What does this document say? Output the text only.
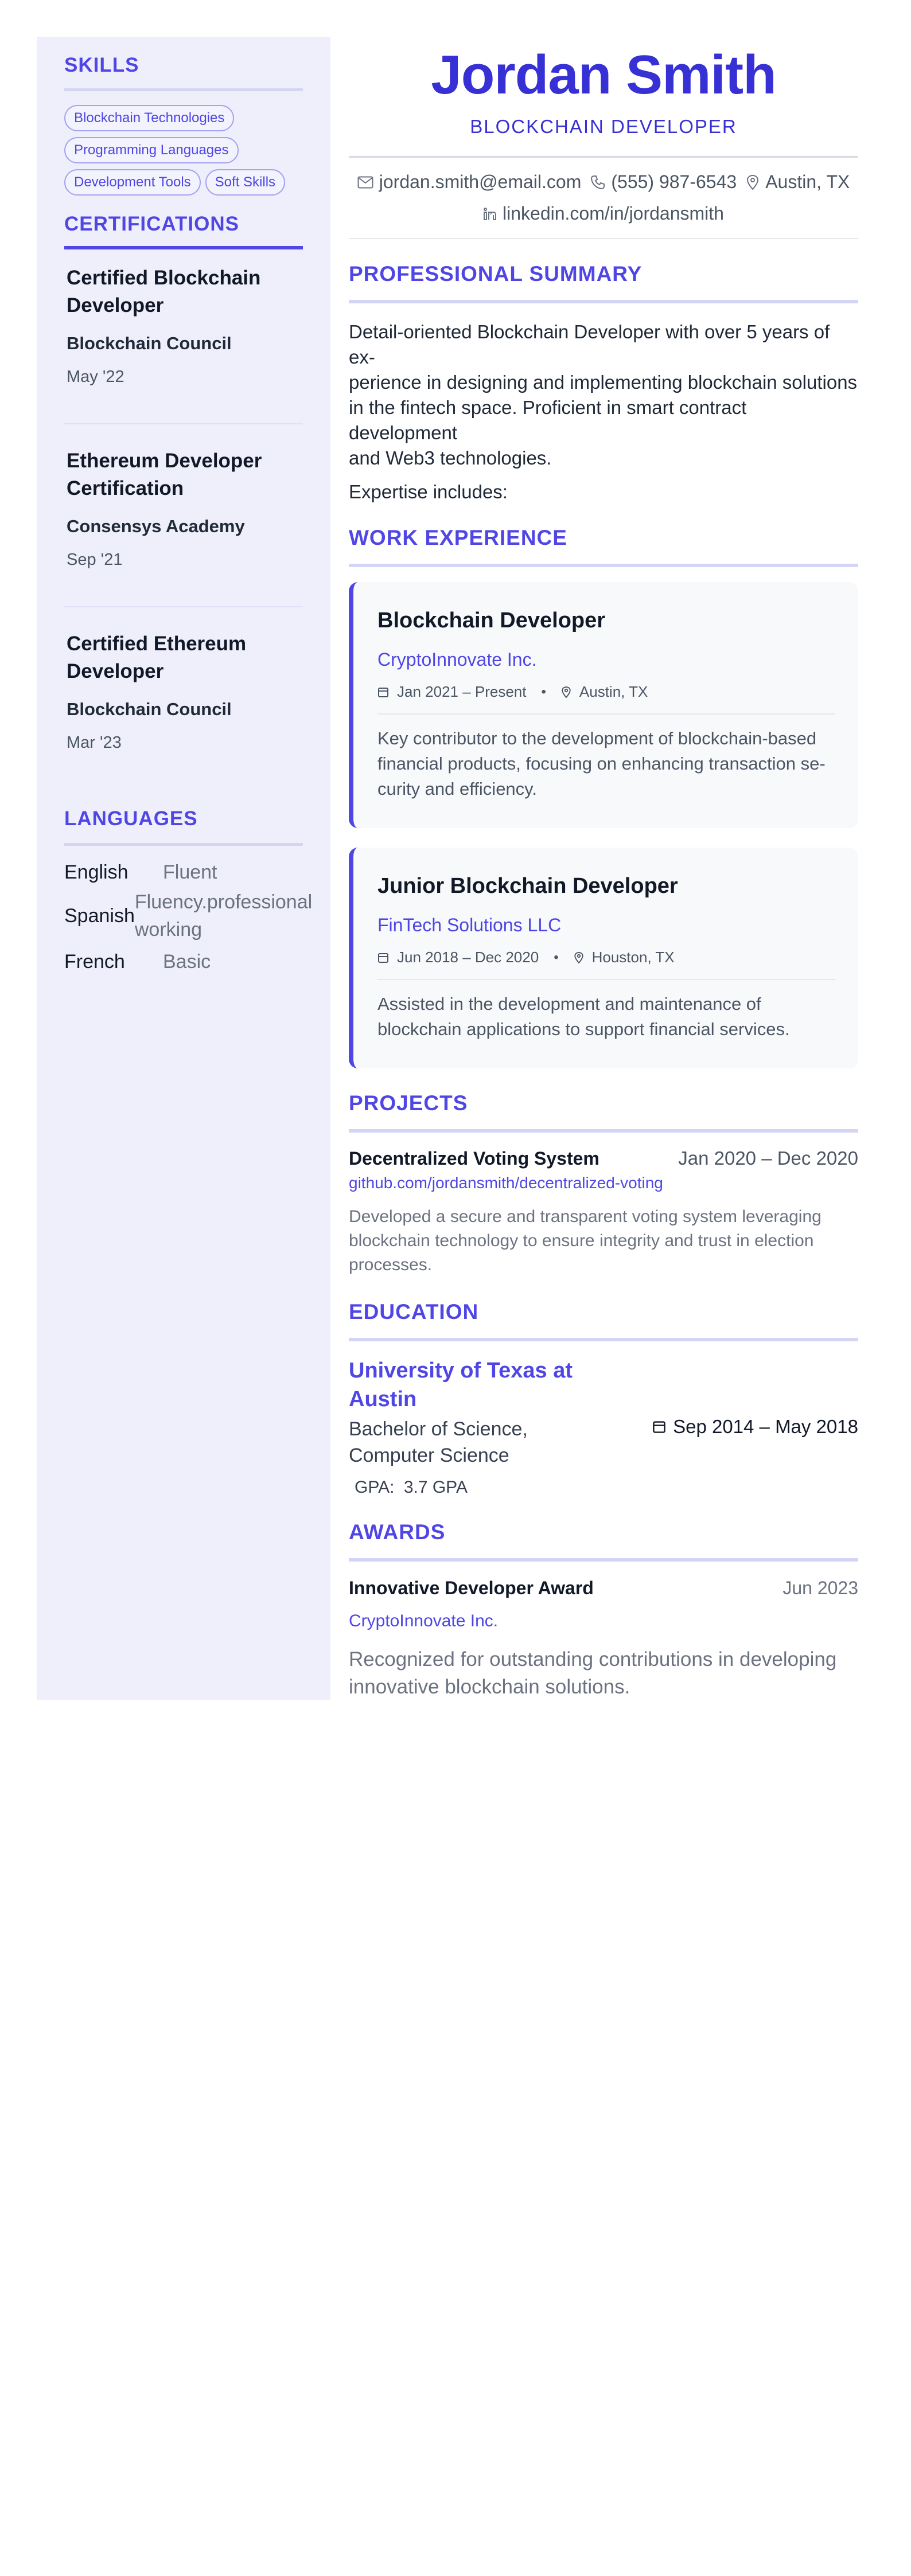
SKILLS
Blockchain Technologies
Programming Languages
Development Tools	Soft Skills
CERTIFICATIONS
Certified Blockchain Developer
Blockchain Council
May '22
Ethereum Developer Certification
Consensys Academy
Sep '21
Certified Ethereum Developer
Blockchain Council
Mar '23
LANGUAGES
English	Fluent
Spanish
Fluency.professional
working
French	Basic
Jordan Smith
BLOCKCHAIN DEVELOPER
jordan.smith@email.com (555) 987-6543 Austin, TX
linkedin.com/in/jordansmith
PROFESSIONAL SUMMARY
Detail-oriented Blockchain Developer with over 5 years of ex-
perience in designing and implementing blockchain solutions
in the fintech space. Proficient in smart contract development
and Web3 technologies.
Expertise includes:
WORK EXPERIENCE
Blockchain Developer
CryptoInnovate Inc.
Jan 2021 – Present	•	Austin, TX
Key contributor to the development of blockchain-based
financial products, focusing on enhancing transaction se-
curity and efficiency.
Junior Blockchain Developer
FinTech Solutions LLC
Jun 2018 – Dec 2020	•	Houston, TX
Assisted in the development and maintenance of
blockchain applications to support financial services.
PROJECTS
Decentralized Voting System	Jan 2020 – Dec 2020
github.com/jordansmith/decentralized-voting
Developed a secure and transparent voting system leveraging
blockchain technology to ensure integrity and trust in election
processes.
EDUCATION
University of Texas at
Austin
Bachelor of Science,
Computer Science
GPA: 3.7 GPA
Sep 2014 – May 2018
AWARDS
Innovative Developer Award	Jun 2023
CryptoInnovate Inc.
Recognized for outstanding contributions in developing
innovative blockchain solutions.
